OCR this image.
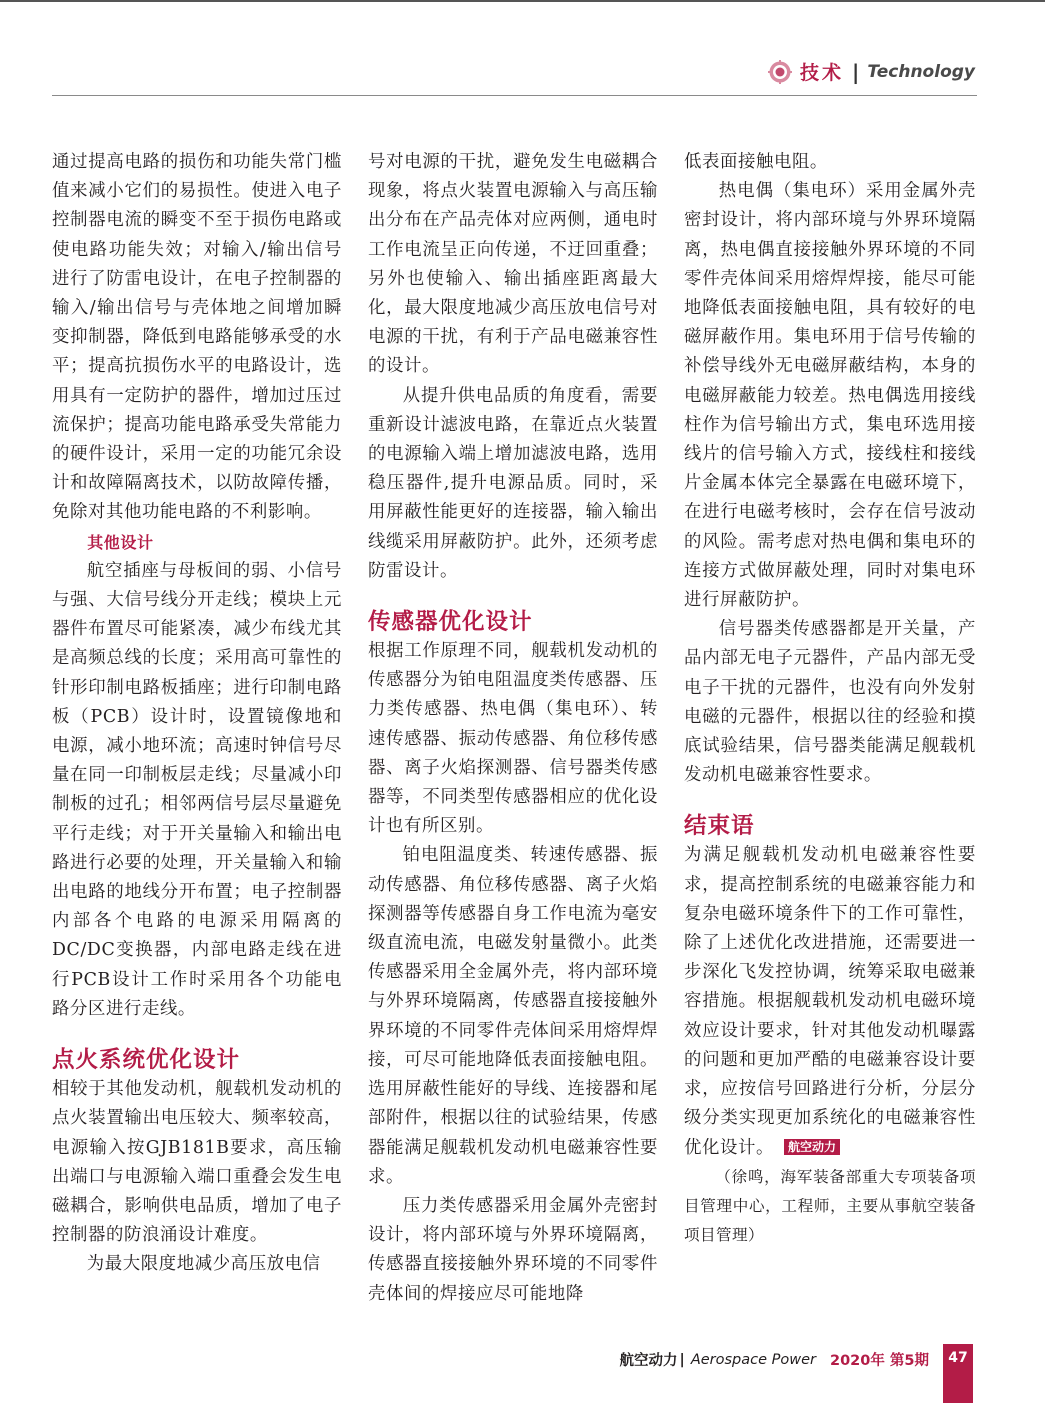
技术 | Technology

通过提高电路的损伤和功能失常门槛值来减小它们的易损性。使进入电子控制器电流的瞬变不至于损伤电路或使电路功能失效；对输入/输出信号进行了防雷电设计，在电子控制器的输入/输出信号与壳体地之间增加瞬变抑制器，降低到电路能够承受的水平；提高抗损伤水平的电路设计，选用具有一定防护的器件，增加过压过流保护；提高功能电路承受失常能力的硬件设计，采用一定的功能冗余设计和故障隔离技术，以防故障传播，免除对其他功能电路的不利影响。

其他设计

航空插座与母板间的弱、小信号与强、大信号线分开走线；模块上元器件布置尽可能紧凑，减少布线尤其是高频总线的长度；采用高可靠性的针形印制电路板插座；进行印制电路板（PCB）设计时，设置镜像地和电源，减小地环流；高速时钟信号尽量在同一印制板层走线；尽量减小印制板的过孔；相邻两信号层尽量避免平行走线；对于开关量输入和输出电路进行必要的处理，开关量输入和输出电路的地线分开布置；电子控制器内部各个电路的电源采用隔离的DC/DC变换器，内部电路走线在进行PCB设计工作时采用各个功能电路分区进行走线。

点火系统优化设计

相较于其他发动机，舰载机发动机的点火装置输出电压较大、频率较高，电源输入按GJB181B要求，高压输出端口与电源输入端口重叠会发生电磁耦合，影响供电品质，增加了电子控制器的防浪涌设计难度。

为最大限度地减少高压放电信

号对电源的干扰，避免发生电磁耦合现象，将点火装置电源输入与高压输出分布在产品壳体对应两侧，通电时工作电流呈正向传递，不迂回重叠；另外也使输入、输出插座距离最大化，最大限度地减少高压放电信号对电源的干扰，有利于产品电磁兼容性的设计。

从提升供电品质的角度看，需要重新设计滤波电路，在靠近点火装置的电源输入端上增加滤波电路，选用稳压器件,提升电源品质。同时，采用屏蔽性能更好的连接器，输入输出线缆采用屏蔽防护。此外，还须考虑防雷设计。

传感器优化设计

根据工作原理不同，舰载机发动机的传感器分为铂电阻温度类传感器、压力类传感器、热电偶（集电环）、转速传感器、振动传感器、角位移传感器、离子火焰探测器、信号器类传感器等，不同类型传感器相应的优化设计也有所区别。

铂电阻温度类、转速传感器、振动传感器、角位移传感器、离子火焰探测器等传感器自身工作电流为毫安级直流电流，电磁发射量微小。此类传感器采用全金属外壳，将内部环境与外界环境隔离，传感器直接接触外界环境的不同零件壳体间采用熔焊焊接，可尽可能地降低表面接触电阻。选用屏蔽性能好的导线、连接器和尾部附件，根据以往的试验结果，传感器能满足舰载机发动机电磁兼容性要求。

压力类传感器采用金属外壳密封设计，将内部环境与外界环境隔离，传感器直接接触外界环境的不同零件壳体间的焊接应尽可能地降

低表面接触电阻。

热电偶（集电环）采用金属外壳密封设计，将内部环境与外界环境隔离，热电偶直接接触外界环境的不同零件壳体间采用熔焊焊接，能尽可能地降低表面接触电阻，具有较好的电磁屏蔽作用。集电环用于信号传输的补偿导线外无电磁屏蔽结构，本身的电磁屏蔽能力较差。热电偶选用接线柱作为信号输出方式，集电环选用接线片的信号输入方式，接线柱和接线片金属本体完全暴露在电磁环境下，在进行电磁考核时，会存在信号波动的风险。需考虑对热电偶和集电环的连接方式做屏蔽处理，同时对集电环进行屏蔽防护。

信号器类传感器都是开关量，产品内部无电子元器件，产品内部无受电子干扰的元器件，也没有向外发射电磁的元器件，根据以往的经验和摸底试验结果，信号器类能满足舰载机发动机电磁兼容性要求。

结束语

为满足舰载机发动机电磁兼容性要求，提高控制系统的电磁兼容能力和复杂电磁环境条件下的工作可靠性，除了上述优化改进措施，还需要进一步深化飞发控协调，统筹采取电磁兼容措施。根据舰载机发动机电磁环境效应设计要求，针对其他发动机曝露的问题和更加严酷的电磁兼容设计要求，应按信号回路进行分析，分层分级分类实现更加系统化的电磁兼容性优化设计。 航空动力

（徐鸣，海军装备部重大专项装备项目管理中心，工程师，主要从事航空装备项目管理）

航空动力 | Aerospace Power 2020年 第5期	47
